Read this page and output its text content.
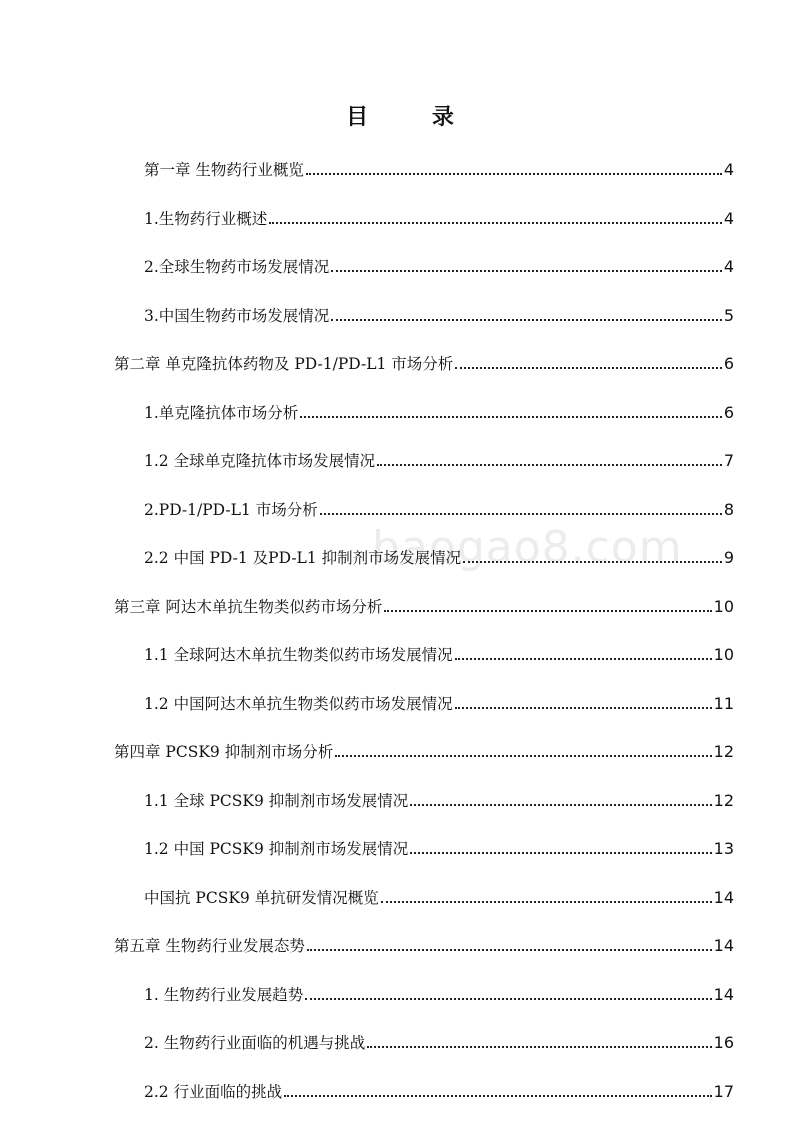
目 录
baogao8.com
第一章 生物药行业概览	4
1.生物药行业概述	4
2.全球生物药市场发展情况	4
3.中国生物药市场发展情况	5
第二章 单克隆抗体药物及 PD-1/PD-L1 市场分析	6
1.单克隆抗体市场分析	6
1.2 全球单克隆抗体市场发展情况	7
2.PD-1/PD-L1 市场分析	8
2.2 中国 PD-1 及PD-L1 抑制剂市场发展情况	9
第三章 阿达木单抗生物类似药市场分析	10
1.1 全球阿达木单抗生物类似药市场发展情况	10
1.2 中国阿达木单抗生物类似药市场发展情况	11
第四章 PCSK9 抑制剂市场分析	12
1.1 全球 PCSK9 抑制剂市场发展情况	12
1.2 中国 PCSK9 抑制剂市场发展情况	13
中国抗 PCSK9 单抗研发情况概览	14
第五章 生物药行业发展态势	14
1. 生物药行业发展趋势	14
2. 生物药行业面临的机遇与挑战	16
2.2 行业面临的挑战	17
